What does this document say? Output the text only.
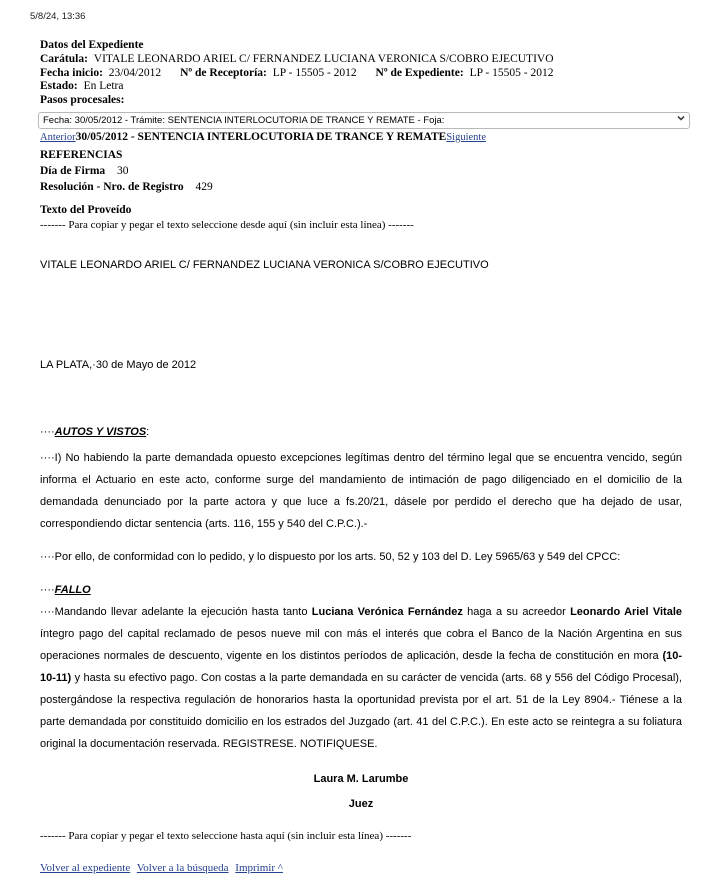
5/8/24, 13:36
Datos del Expediente
Carátula: VITALE LEONARDO ARIEL C/ FERNANDEZ LUCIANA VERONICA S/COBRO EJECUTIVO
Fecha inicio: 23/04/2012 Nº de Receptoría: LP - 15505 - 2012 Nº de Expediente: LP - 15505 - 2012
Estado: En Letra
Pasos procesales:
Fecha: 30/05/2012 - Trámite: SENTENCIA INTERLOCUTORIA DE TRANCE Y REMATE - Foja:
Anterior30/05/2012 - SENTENCIA INTERLOCUTORIA DE TRANCE Y REMATESiguiente
REFERENCIAS
Día de Firma 30
Resolución - Nro. de Registro 429
Texto del Proveído
------- Para copiar y pegar el texto seleccione desde aquí (sin incluir esta línea) -------
VITALE LEONARDO ARIEL C/ FERNANDEZ LUCIANA VERONICA S/COBRO EJECUTIVO
LA PLATA,·30 de Mayo de 2012
····AUTOS Y VISTOS:

····I) No habiendo la parte demandada opuesto excepciones legítimas dentro del término legal que se encuentra vencido, según informa el Actuario en este acto, conforme surge del mandamiento de intimación de pago diligenciado en el domicilio de la demandada denunciado por la parte actora y que luce a fs.20/21, dásele por perdido el derecho que ha dejado de usar, correspondiendo dictar sentencia (arts. 116, 155 y 540 del C.P.C.).-

····Por ello, de conformidad con lo pedido, y lo dispuesto por los arts. 50, 52 y 103 del D. Ley 5965/63 y 549 del CPCC:

····FALLO

····Mandando llevar adelante la ejecución hasta tanto Luciana Verónica Fernández haga a su acreedor Leonardo Ariel Vitale íntegro pago del capital reclamado de pesos nueve mil con más el interés que cobra el Banco de la Nación Argentina en sus operaciones normales de descuento, vigente en los distintos períodos de aplicación, desde la fecha de constitución en mora (10-10-11) y hasta su efectivo pago. Con costas a la parte demandada en su carácter de vencida (arts. 68 y 556 del Código Procesal), postergándose la respectiva regulación de honorarios hasta la oportunidad prevista por el art. 51 de la Ley 8904.- Tiénese a la parte demandada por constituido domicilio en los estrados del Juzgado (art. 41 del C.P.C.). En este acto se reintegra a su foliatura original la documentación reservada. REGISTRESE. NOTIFIQUESE.

Laura M. Larumbe
Juez
------- Para copiar y pegar el texto seleccione hasta aquí (sin incluir esta línea) -------
Volver al expediente Volver a la búsqueda Imprimir ^
